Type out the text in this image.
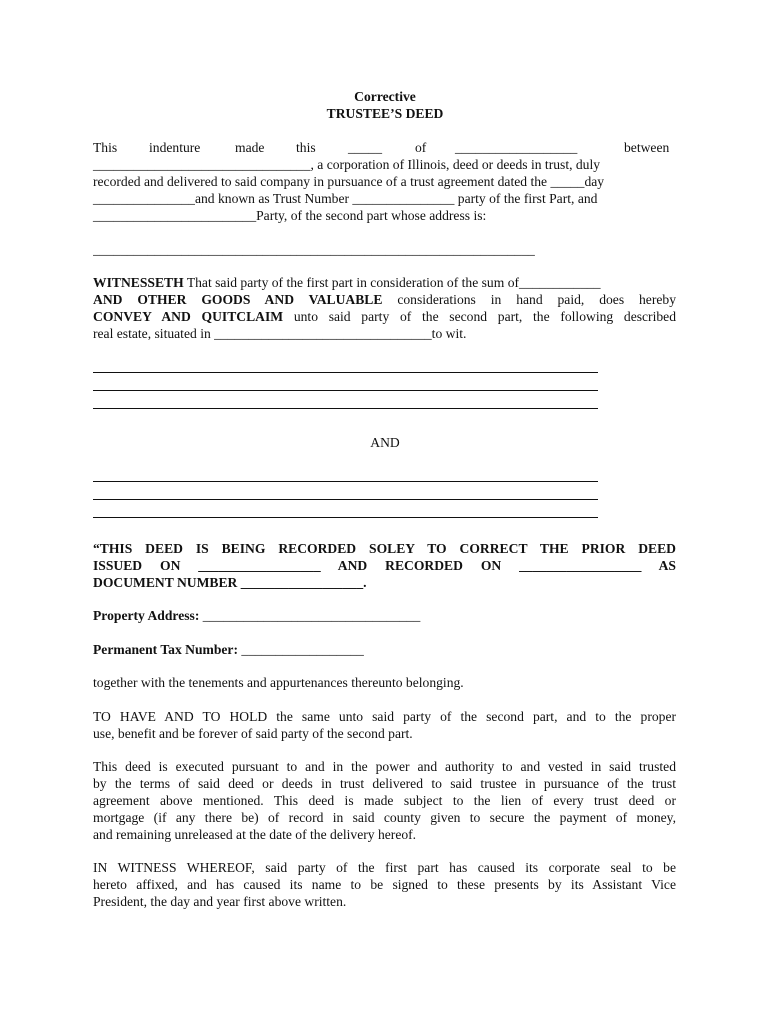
Corrective
TRUSTEE’S DEED
This indenture	made this _____ of __________________	between
________________________________, a corporation of Illinois, deed or deeds in trust, duly
recorded and delivered to said company in pursuance of a trust agreement dated the _____day
_______________and known as Trust Number _______________ party of the first Part, and
________________________Party, of the second part whose address is:
_________________________________________________________________
WITNESSETH That said party of the first part in consideration of the sum of____________
AND OTHER GOODS AND VALUABLE considerations in hand paid, does hereby
CONVEY AND QUITCLAIM unto said party of the second part, the following described
real estate, situated in ________________________________to wit.
AND
“THIS DEED IS BEING RECORDED SOLEY TO CORRECT THE PRIOR DEED
ISSUED ON __________________ AND RECORDED ON __________________ AS
DOCUMENT NUMBER __________________.
Property Address: ________________________________
Permanent Tax Number: __________________
together with the tenements and appurtenances thereunto belonging.
TO HAVE AND TO HOLD the same unto said party of the second part, and to the proper
use, benefit and be forever of said party of the second part.
This deed is executed pursuant to and in the power and authority to and vested in said trusted
by the terms of said deed or deeds in trust delivered to said trustee in pursuance of the trust
agreement above mentioned. This deed is made subject to the lien of every trust deed or
mortgage (if any there be) of record in said county given to secure the payment of money,
and remaining unreleased at the date of the delivery hereof.
IN WITNESS WHEREOF, said party of the first part has caused its corporate seal to be
hereto affixed, and has caused its name to be signed to these presents by its Assistant Vice
President, the day and year first above written.
